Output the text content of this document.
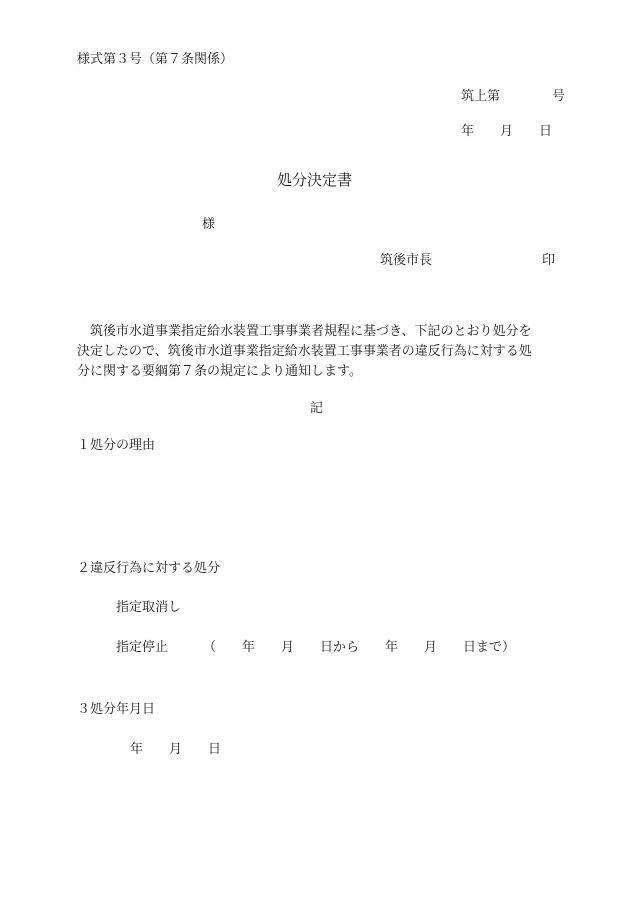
様式第３号（第７条関係）
筑上第　　　　号
年　　月　　日
処分決定書
様
筑後市長	印

筑後市水道事業指定給水装置工事事業者規程に基づき、下記のとおり処分を

決定したので、筑後市水道事業指定給水装置工事事業者の違反行為に対する処

分に関する要綱第７条の規定により通知します。

記
１処分の理由
２違反行為に対する処分
指定取消し
指定停止	（　　年　　月　　日から　　年　　月　　日まで）
３処分年月日
年　　月　　日
